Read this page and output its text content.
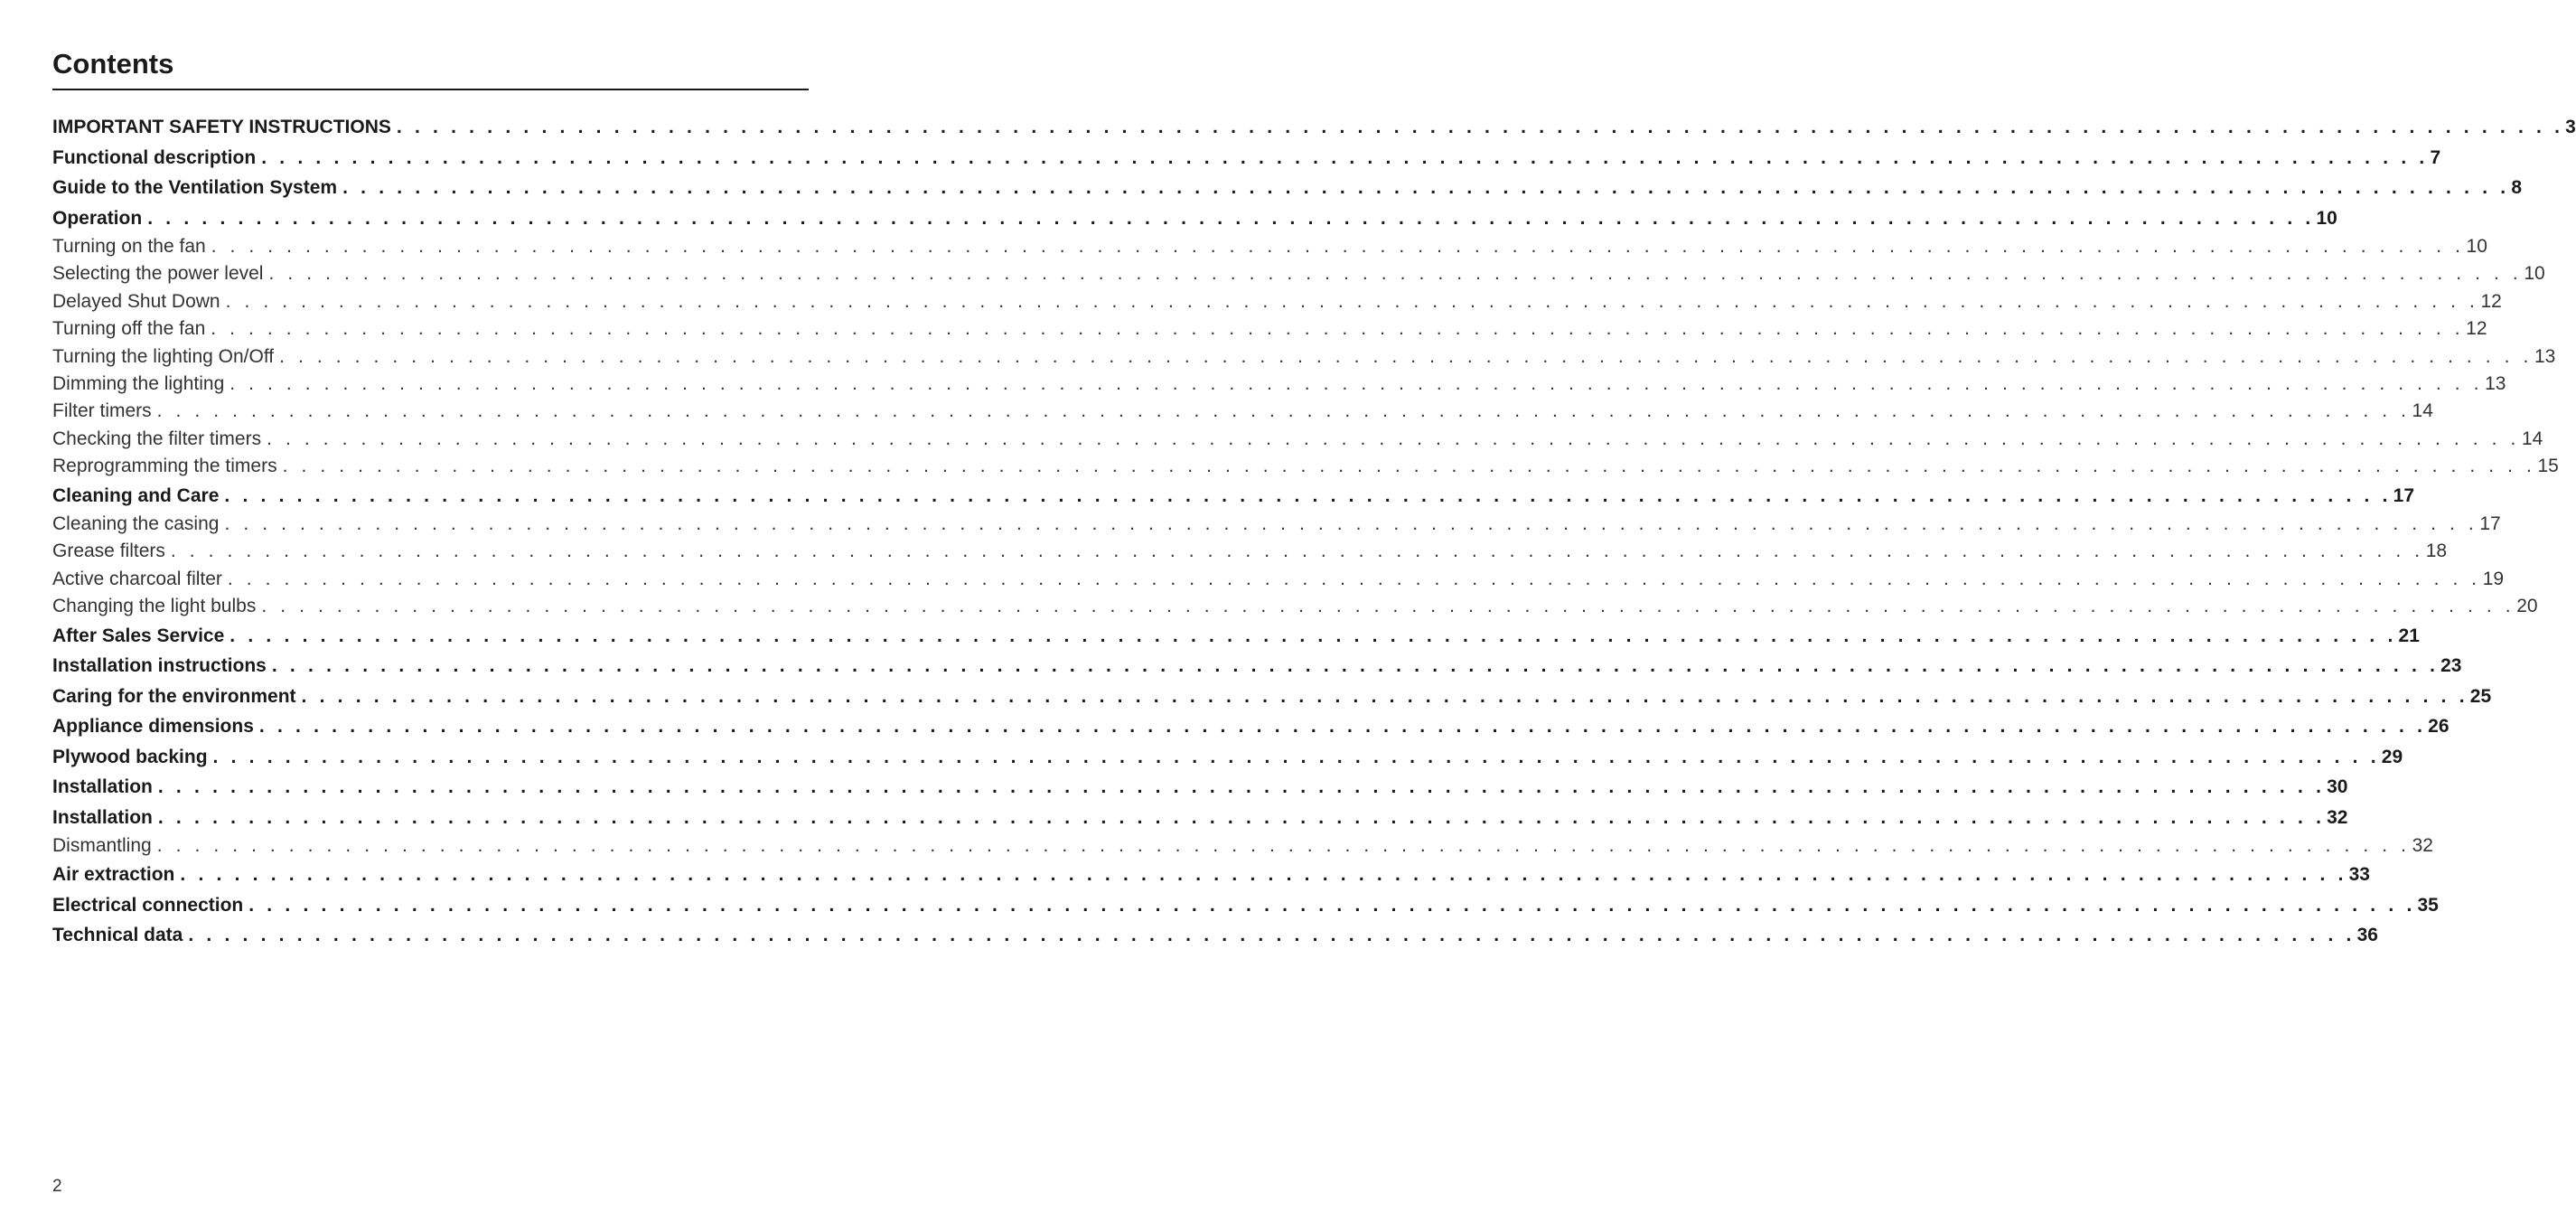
Contents
IMPORTANT SAFETY INSTRUCTIONS . . . . . . . . . . . . . . . . . . . . . . . . . . . . . . . . . . . . . . . . . . . . . . . . . . . . . . . . . . . . . . . . . . . . . . . . . . . . . . . . . . . . . . . . . . . . . . . . . . . . . . . . . . . . . . . . . . . . . . . . 3
Functional description . . . . . . . . . . . . . . . . . . . . . . . . . . . . . . . . . . . . . . . . . . . . . . . . . . . . . . . . . . . . . . . . . . . . . . . . . . . . . . . . . . . . . . . . . . . . . . . . . . . . . . . . . . . . . . . . . . . . . . . . 7
Guide to the Ventilation System . . . . . . . . . . . . . . . . . . . . . . . . . . . . . . . . . . . . . . . . . . . . . . . . . . . . . . . . . . . . . . . . . . . . . . . . . . . . . . . . . . . . . . . . . . . . . . . . . . . . . . . . . . . . . . . . . . . . . . . . 8
Operation . . . . . . . . . . . . . . . . . . . . . . . . . . . . . . . . . . . . . . . . . . . . . . . . . . . . . . . . . . . . . . . . . . . . . . . . . . . . . . . . . . . . . . . . . . . . . . . . . . . . . . . . . . . . . . . . . . . . . . . . 10
Turning on the fan . . . . . . . . . . . . . . . . . . . . . . . . . . . . . . . . . . . . . . . . . . . . . . . . . . . . . . . . . . . . . . . . . . . . . . . . . . . . . . . . . . . . . . . . . . . . . . . . . . . . . . . . . . . . . . . . . . . . . . . . 10
Selecting the power level . . . . . . . . . . . . . . . . . . . . . . . . . . . . . . . . . . . . . . . . . . . . . . . . . . . . . . . . . . . . . . . . . . . . . . . . . . . . . . . . . . . . . . . . . . . . . . . . . . . . . . . . . . . . . . . . . . . . . . . . 10
Delayed Shut Down . . . . . . . . . . . . . . . . . . . . . . . . . . . . . . . . . . . . . . . . . . . . . . . . . . . . . . . . . . . . . . . . . . . . . . . . . . . . . . . . . . . . . . . . . . . . . . . . . . . . . . . . . . . . . . . . . . . . . . . . 12
Turning off the fan . . . . . . . . . . . . . . . . . . . . . . . . . . . . . . . . . . . . . . . . . . . . . . . . . . . . . . . . . . . . . . . . . . . . . . . . . . . . . . . . . . . . . . . . . . . . . . . . . . . . . . . . . . . . . . . . . . . . . . . . 12
Turning the lighting On/Off . . . . . . . . . . . . . . . . . . . . . . . . . . . . . . . . . . . . . . . . . . . . . . . . . . . . . . . . . . . . . . . . . . . . . . . . . . . . . . . . . . . . . . . . . . . . . . . . . . . . . . . . . . . . . . . . . . . . . . . . 13
Dimming the lighting . . . . . . . . . . . . . . . . . . . . . . . . . . . . . . . . . . . . . . . . . . . . . . . . . . . . . . . . . . . . . . . . . . . . . . . . . . . . . . . . . . . . . . . . . . . . . . . . . . . . . . . . . . . . . . . . . . . . . . . . 13
Filter timers . . . . . . . . . . . . . . . . . . . . . . . . . . . . . . . . . . . . . . . . . . . . . . . . . . . . . . . . . . . . . . . . . . . . . . . . . . . . . . . . . . . . . . . . . . . . . . . . . . . . . . . . . . . . . . . . . . . . . . . . 14
Checking the filter timers . . . . . . . . . . . . . . . . . . . . . . . . . . . . . . . . . . . . . . . . . . . . . . . . . . . . . . . . . . . . . . . . . . . . . . . . . . . . . . . . . . . . . . . . . . . . . . . . . . . . . . . . . . . . . . . . . . . . . . . . 14
Reprogramming the timers . . . . . . . . . . . . . . . . . . . . . . . . . . . . . . . . . . . . . . . . . . . . . . . . . . . . . . . . . . . . . . . . . . . . . . . . . . . . . . . . . . . . . . . . . . . . . . . . . . . . . . . . . . . . . . . . . . . . . . . . 15
Cleaning and Care . . . . . . . . . . . . . . . . . . . . . . . . . . . . . . . . . . . . . . . . . . . . . . . . . . . . . . . . . . . . . . . . . . . . . . . . . . . . . . . . . . . . . . . . . . . . . . . . . . . . . . . . . . . . . . . . . . . . . . . . 17
Cleaning the casing . . . . . . . . . . . . . . . . . . . . . . . . . . . . . . . . . . . . . . . . . . . . . . . . . . . . . . . . . . . . . . . . . . . . . . . . . . . . . . . . . . . . . . . . . . . . . . . . . . . . . . . . . . . . . . . . . . . . . . . . 17
Grease filters . . . . . . . . . . . . . . . . . . . . . . . . . . . . . . . . . . . . . . . . . . . . . . . . . . . . . . . . . . . . . . . . . . . . . . . . . . . . . . . . . . . . . . . . . . . . . . . . . . . . . . . . . . . . . . . . . . . . . . . . 18
Active charcoal filter . . . . . . . . . . . . . . . . . . . . . . . . . . . . . . . . . . . . . . . . . . . . . . . . . . . . . . . . . . . . . . . . . . . . . . . . . . . . . . . . . . . . . . . . . . . . . . . . . . . . . . . . . . . . . . . . . . . . . . . . 19
Changing the light bulbs . . . . . . . . . . . . . . . . . . . . . . . . . . . . . . . . . . . . . . . . . . . . . . . . . . . . . . . . . . . . . . . . . . . . . . . . . . . . . . . . . . . . . . . . . . . . . . . . . . . . . . . . . . . . . . . . . . . . . . . . 20
After Sales Service . . . . . . . . . . . . . . . . . . . . . . . . . . . . . . . . . . . . . . . . . . . . . . . . . . . . . . . . . . . . . . . . . . . . . . . . . . . . . . . . . . . . . . . . . . . . . . . . . . . . . . . . . . . . . . . . . . . . . . . . 21
Installation instructions . . . . . . . . . . . . . . . . . . . . . . . . . . . . . . . . . . . . . . . . . . . . . . . . . . . . . . . . . . . . . . . . . . . . . . . . . . . . . . . . . . . . . . . . . . . . . . . . . . . . . . . . . . . . . . . . . . . . . . . . 23
Caring for the environment . . . . . . . . . . . . . . . . . . . . . . . . . . . . . . . . . . . . . . . . . . . . . . . . . . . . . . . . . . . . . . . . . . . . . . . . . . . . . . . . . . . . . . . . . . . . . . . . . . . . . . . . . . . . . . . . . . . . . . . . 25
Appliance dimensions . . . . . . . . . . . . . . . . . . . . . . . . . . . . . . . . . . . . . . . . . . . . . . . . . . . . . . . . . . . . . . . . . . . . . . . . . . . . . . . . . . . . . . . . . . . . . . . . . . . . . . . . . . . . . . . . . . . . . . . . 26
Plywood backing . . . . . . . . . . . . . . . . . . . . . . . . . . . . . . . . . . . . . . . . . . . . . . . . . . . . . . . . . . . . . . . . . . . . . . . . . . . . . . . . . . . . . . . . . . . . . . . . . . . . . . . . . . . . . . . . . . . . . . . . 29
Installation . . . . . . . . . . . . . . . . . . . . . . . . . . . . . . . . . . . . . . . . . . . . . . . . . . . . . . . . . . . . . . . . . . . . . . . . . . . . . . . . . . . . . . . . . . . . . . . . . . . . . . . . . . . . . . . . . . . . . . . . 30
Installation . . . . . . . . . . . . . . . . . . . . . . . . . . . . . . . . . . . . . . . . . . . . . . . . . . . . . . . . . . . . . . . . . . . . . . . . . . . . . . . . . . . . . . . . . . . . . . . . . . . . . . . . . . . . . . . . . . . . . . . . 32
Dismantling . . . . . . . . . . . . . . . . . . . . . . . . . . . . . . . . . . . . . . . . . . . . . . . . . . . . . . . . . . . . . . . . . . . . . . . . . . . . . . . . . . . . . . . . . . . . . . . . . . . . . . . . . . . . . . . . . . . . . . . . 32
Air extraction . . . . . . . . . . . . . . . . . . . . . . . . . . . . . . . . . . . . . . . . . . . . . . . . . . . . . . . . . . . . . . . . . . . . . . . . . . . . . . . . . . . . . . . . . . . . . . . . . . . . . . . . . . . . . . . . . . . . . . . . 33
Electrical connection . . . . . . . . . . . . . . . . . . . . . . . . . . . . . . . . . . . . . . . . . . . . . . . . . . . . . . . . . . . . . . . . . . . . . . . . . . . . . . . . . . . . . . . . . . . . . . . . . . . . . . . . . . . . . . . . . . . . . . . . 35
Technical data . . . . . . . . . . . . . . . . . . . . . . . . . . . . . . . . . . . . . . . . . . . . . . . . . . . . . . . . . . . . . . . . . . . . . . . . . . . . . . . . . . . . . . . . . . . . . . . . . . . . . . . . . . . . . . . . . . . . . . . . 36
2
